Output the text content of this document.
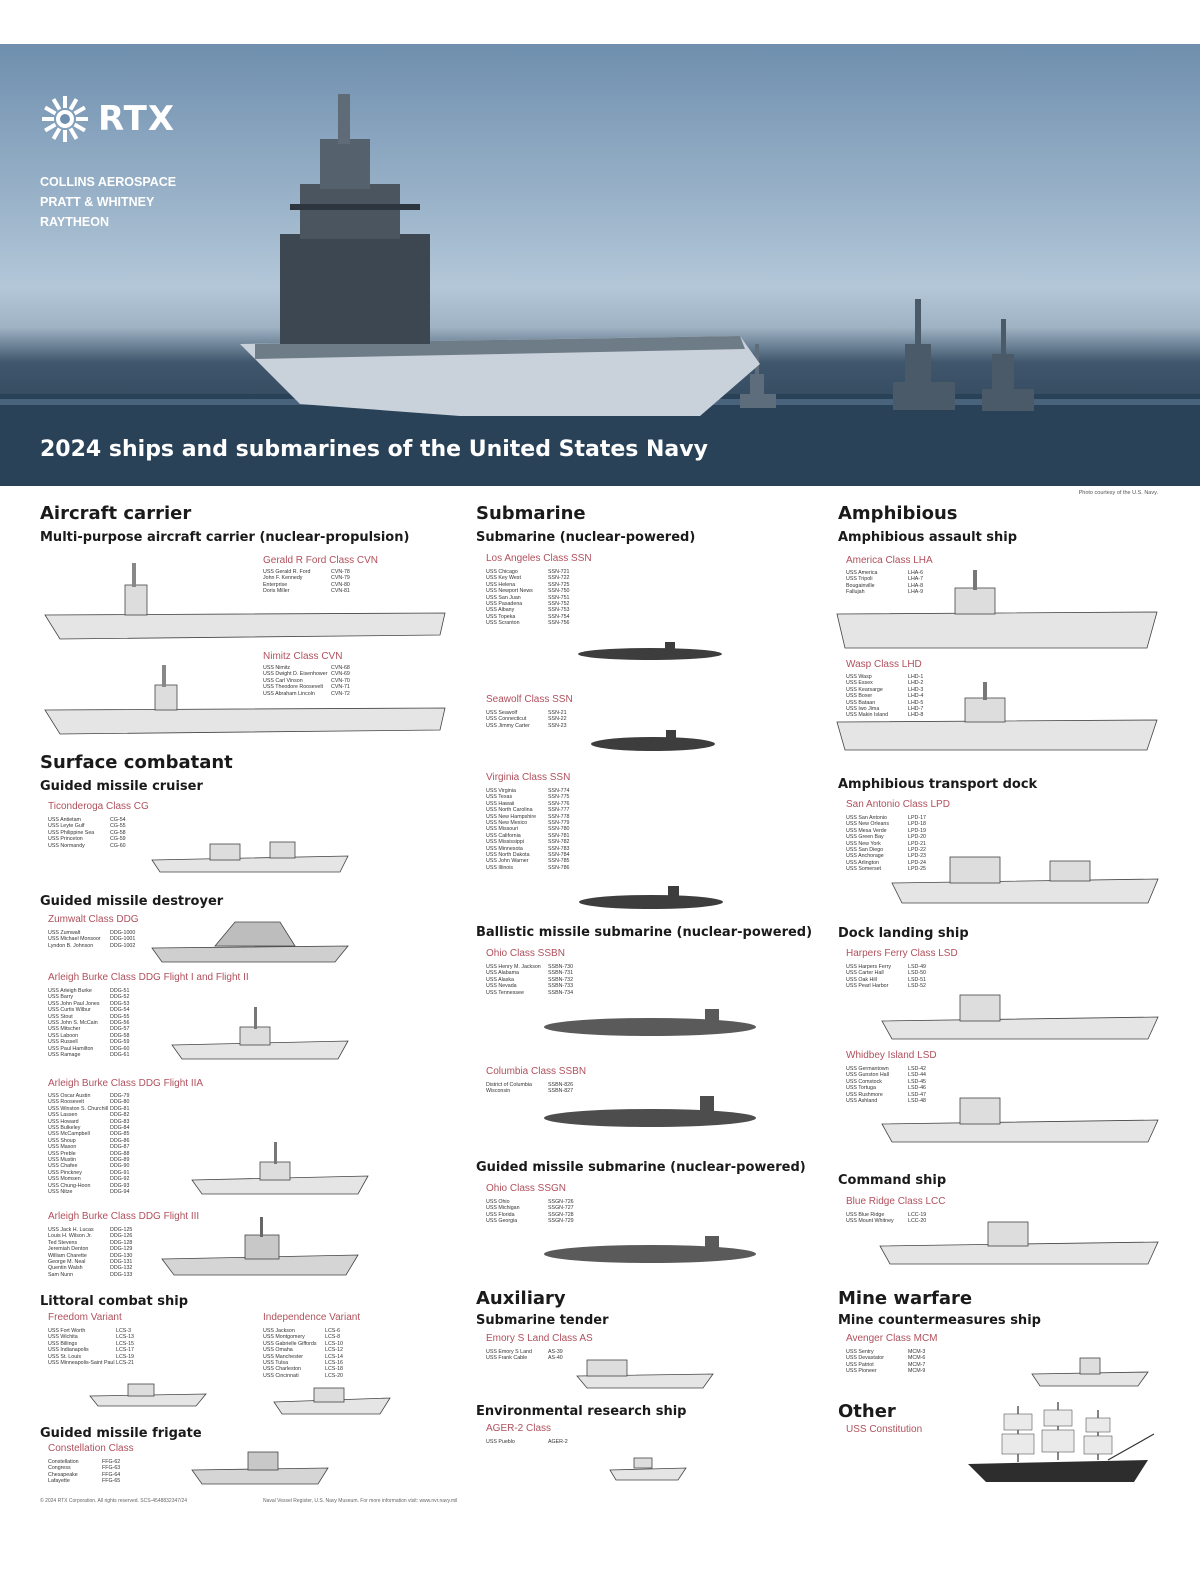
RTX
COLLINS AEROSPACE
PRATT & WHITNEY
RAYTHEON
2024 ships and submarines of the United States Navy
Photo courtesy of the U.S. Navy.
Aircraft carrier
Multi-purpose aircraft carrier (nuclear-propulsion)
Gerald R Ford Class CVN
USS Gerald R. Ford	CVN-78
John F. Kennedy	CVN-79
Enterprise	CVN-80
Doris Miller	CVN-81
Nimitz Class CVN
USS Nimitz	CVN-68
USS Dwight D. Eisenhower CVN-69
USS Carl Vinson	CVN-70
USS Theodore Roosevelt	CVN-71
USS Abraham Lincoln	CVN-72
Surface combatant
Guided missile cruiser
Ticonderoga Class CG
USS Antietam	CG-54
USS Leyte Gulf	CG-55
USS Philippine Sea	CG-58
USS Princeton	CG-59
USS Normandy	CG-60
Guided missile destroyer
Zumwalt Class DDG
USS Zumwalt	DDG-1000
USS Michael Monsoor	DDG-1001
Lyndon B. Johnson	DDG-1002
Arleigh Burke Class DDG Flight I and Flight II
USS Arleigh Burke	DDG-51
USS Barry	DDG-52
USS John Paul Jones	DDG-53
USS Curtis Wilbur	DDG-54
USS Stout	DDG-55
USS John S. McCain	DDG-56
USS Mitscher	DDG-57
USS Laboon	DDG-58
USS Russell	DDG-59
USS Paul Hamilton	DDG-60
USS Ramage	DDG-61
Arleigh Burke Class DDG Flight IIA
USS Oscar Austin	DDG-79
USS Roosevelt	DDG-80
USS Winston S. Churchill DDG-81
USS Lassen	DDG-82
USS Howard	DDG-83
USS Bulkeley	DDG-84
USS McCampbell	DDG-85
USS Shoup	DDG-86
USS Mason	DDG-87
USS Preble	DDG-88
USS Mustin	DDG-89
USS Chafee	DDG-90
USS Pinckney	DDG-91
USS Momsen	DDG-92
USS Chung-Hoon	DDG-93
USS Nitze	DDG-94
Arleigh Burke Class DDG Flight III
USS Jack H. Lucas	DDG-125
Louis H. Wilson Jr.	DDG-126
Ted Stevens	DDG-128
Jeremiah Denton	DDG-129
William Charette	DDG-130
George M. Neal	DDG-131
Quentin Walsh	DDG-132
Sam Nunn	DDG-133
Littoral combat ship
Freedom Variant
USS Fort Worth	LCS-3
USS Wichita	LCS-13
USS Billings	LCS-15
USS Indianapolis	LCS-17
USS St. Louis	LCS-19
USS Minneapolis-Saint Paul LCS-21
Independence Variant
USS Jackson	LCS-6
USS Montgomery	LCS-8
USS Gabrielle Giffords	LCS-10
USS Omaha	LCS-12
USS Manchester	LCS-14
USS Tulsa	LCS-16
USS Charleston	LCS-18
USS Cincinnati	LCS-20
Guided missile frigate
Constellation Class
Constellation	FFG-62
Congress	FFG-63
Chesapeake	FFG-64
Lafayette	FFG-65
Submarine
Submarine (nuclear-powered)
Los Angeles Class SSN
USS Chicago	SSN-721
USS Key West	SSN-722
USS Helena	SSN-725
USS Newport News	SSN-750
USS San Juan	SSN-751
USS Pasadena	SSN-752
USS Albany	SSN-753
USS Topeka	SSN-754
USS Scranton	SSN-756
Seawolf Class SSN
USS Seawolf	SSN-21
USS Connecticut	SSN-22
USS Jimmy Carter	SSN-23
Virginia Class SSN
USS Virginia	SSN-774
USS Texas	SSN-775
USS Hawaii	SSN-776
USS North Carolina	SSN-777
USS New Hampshire	SSN-778
USS New Mexico	SSN-779
USS Missouri	SSN-780
USS California	SSN-781
USS Mississippi	SSN-782
USS Minnesota	SSN-783
USS North Dakota	SSN-784
USS John Warner	SSN-785
USS Illinois	SSN-786
Ballistic missile submarine (nuclear-powered)
Ohio Class SSBN
USS Henry M. Jackson	SSBN-730
USS Alabama	SSBN-731
USS Alaska	SSBN-732
USS Nevada	SSBN-733
USS Tennessee	SSBN-734
Columbia Class SSBN
District of Columbia	SSBN-826
Wisconsin	SSBN-827
Guided missile submarine (nuclear-powered)
Ohio Class SSGN
USS Ohio	SSGN-726
USS Michigan	SSGN-727
USS Florida	SSGN-728
USS Georgia	SSGN-729
Auxiliary
Submarine tender
Emory S Land Class AS
USS Emory S Land	AS-39
USS Frank Cable	AS-40
Environmental research ship
AGER-2 Class
USS Pueblo	AGER-2
Amphibious
Amphibious assault ship
America Class LHA
USS America	LHA-6
USS Tripoli	LHA-7
Bougainville	LHA-8
Fallujah	LHA-9
Wasp Class LHD
USS Wasp	LHD-1
USS Essex	LHD-2
USS Kearsarge	LHD-3
USS Boxer	LHD-4
USS Bataan	LHD-5
USS Iwo Jima	LHD-7
USS Makin Island	LHD-8
Amphibious transport dock
San Antonio Class LPD
USS San Antonio	LPD-17
USS New Orleans	LPD-18
USS Mesa Verde	LPD-19
USS Green Bay	LPD-20
USS New York	LPD-21
USS San Diego	LPD-22
USS Anchorage	LPD-23
USS Arlington	LPD-24
USS Somerset	LPD-25
Dock landing ship
Harpers Ferry Class LSD
USS Harpers Ferry	LSD-49
USS Carter Hall	LSD-50
USS Oak Hill	LSD-51
USS Pearl Harbor	LSD-52
Whidbey Island LSD
USS Germantown	LSD-42
USS Gunston Hall	LSD-44
USS Comstock	LSD-45
USS Tortuga	LSD-46
USS Rushmore	LSD-47
USS Ashland	LSD-48
Command ship
Blue Ridge Class LCC
USS Blue Ridge	LCC-19
USS Mount Whitney	LCC-20
Mine warfare
Mine countermeasures ship
Avenger Class MCM
USS Sentry	MCM-3
USS Devastator	MCM-6
USS Patriot	MCM-7
USS Pioneer	MCM-9
Other
USS Constitution
© 2024 RTX Corporation. All rights reserved. SCS-4548832347/24	Naval Vessel Register, U.S. Navy Museum. For more information visit: www.nvr.navy.mil
